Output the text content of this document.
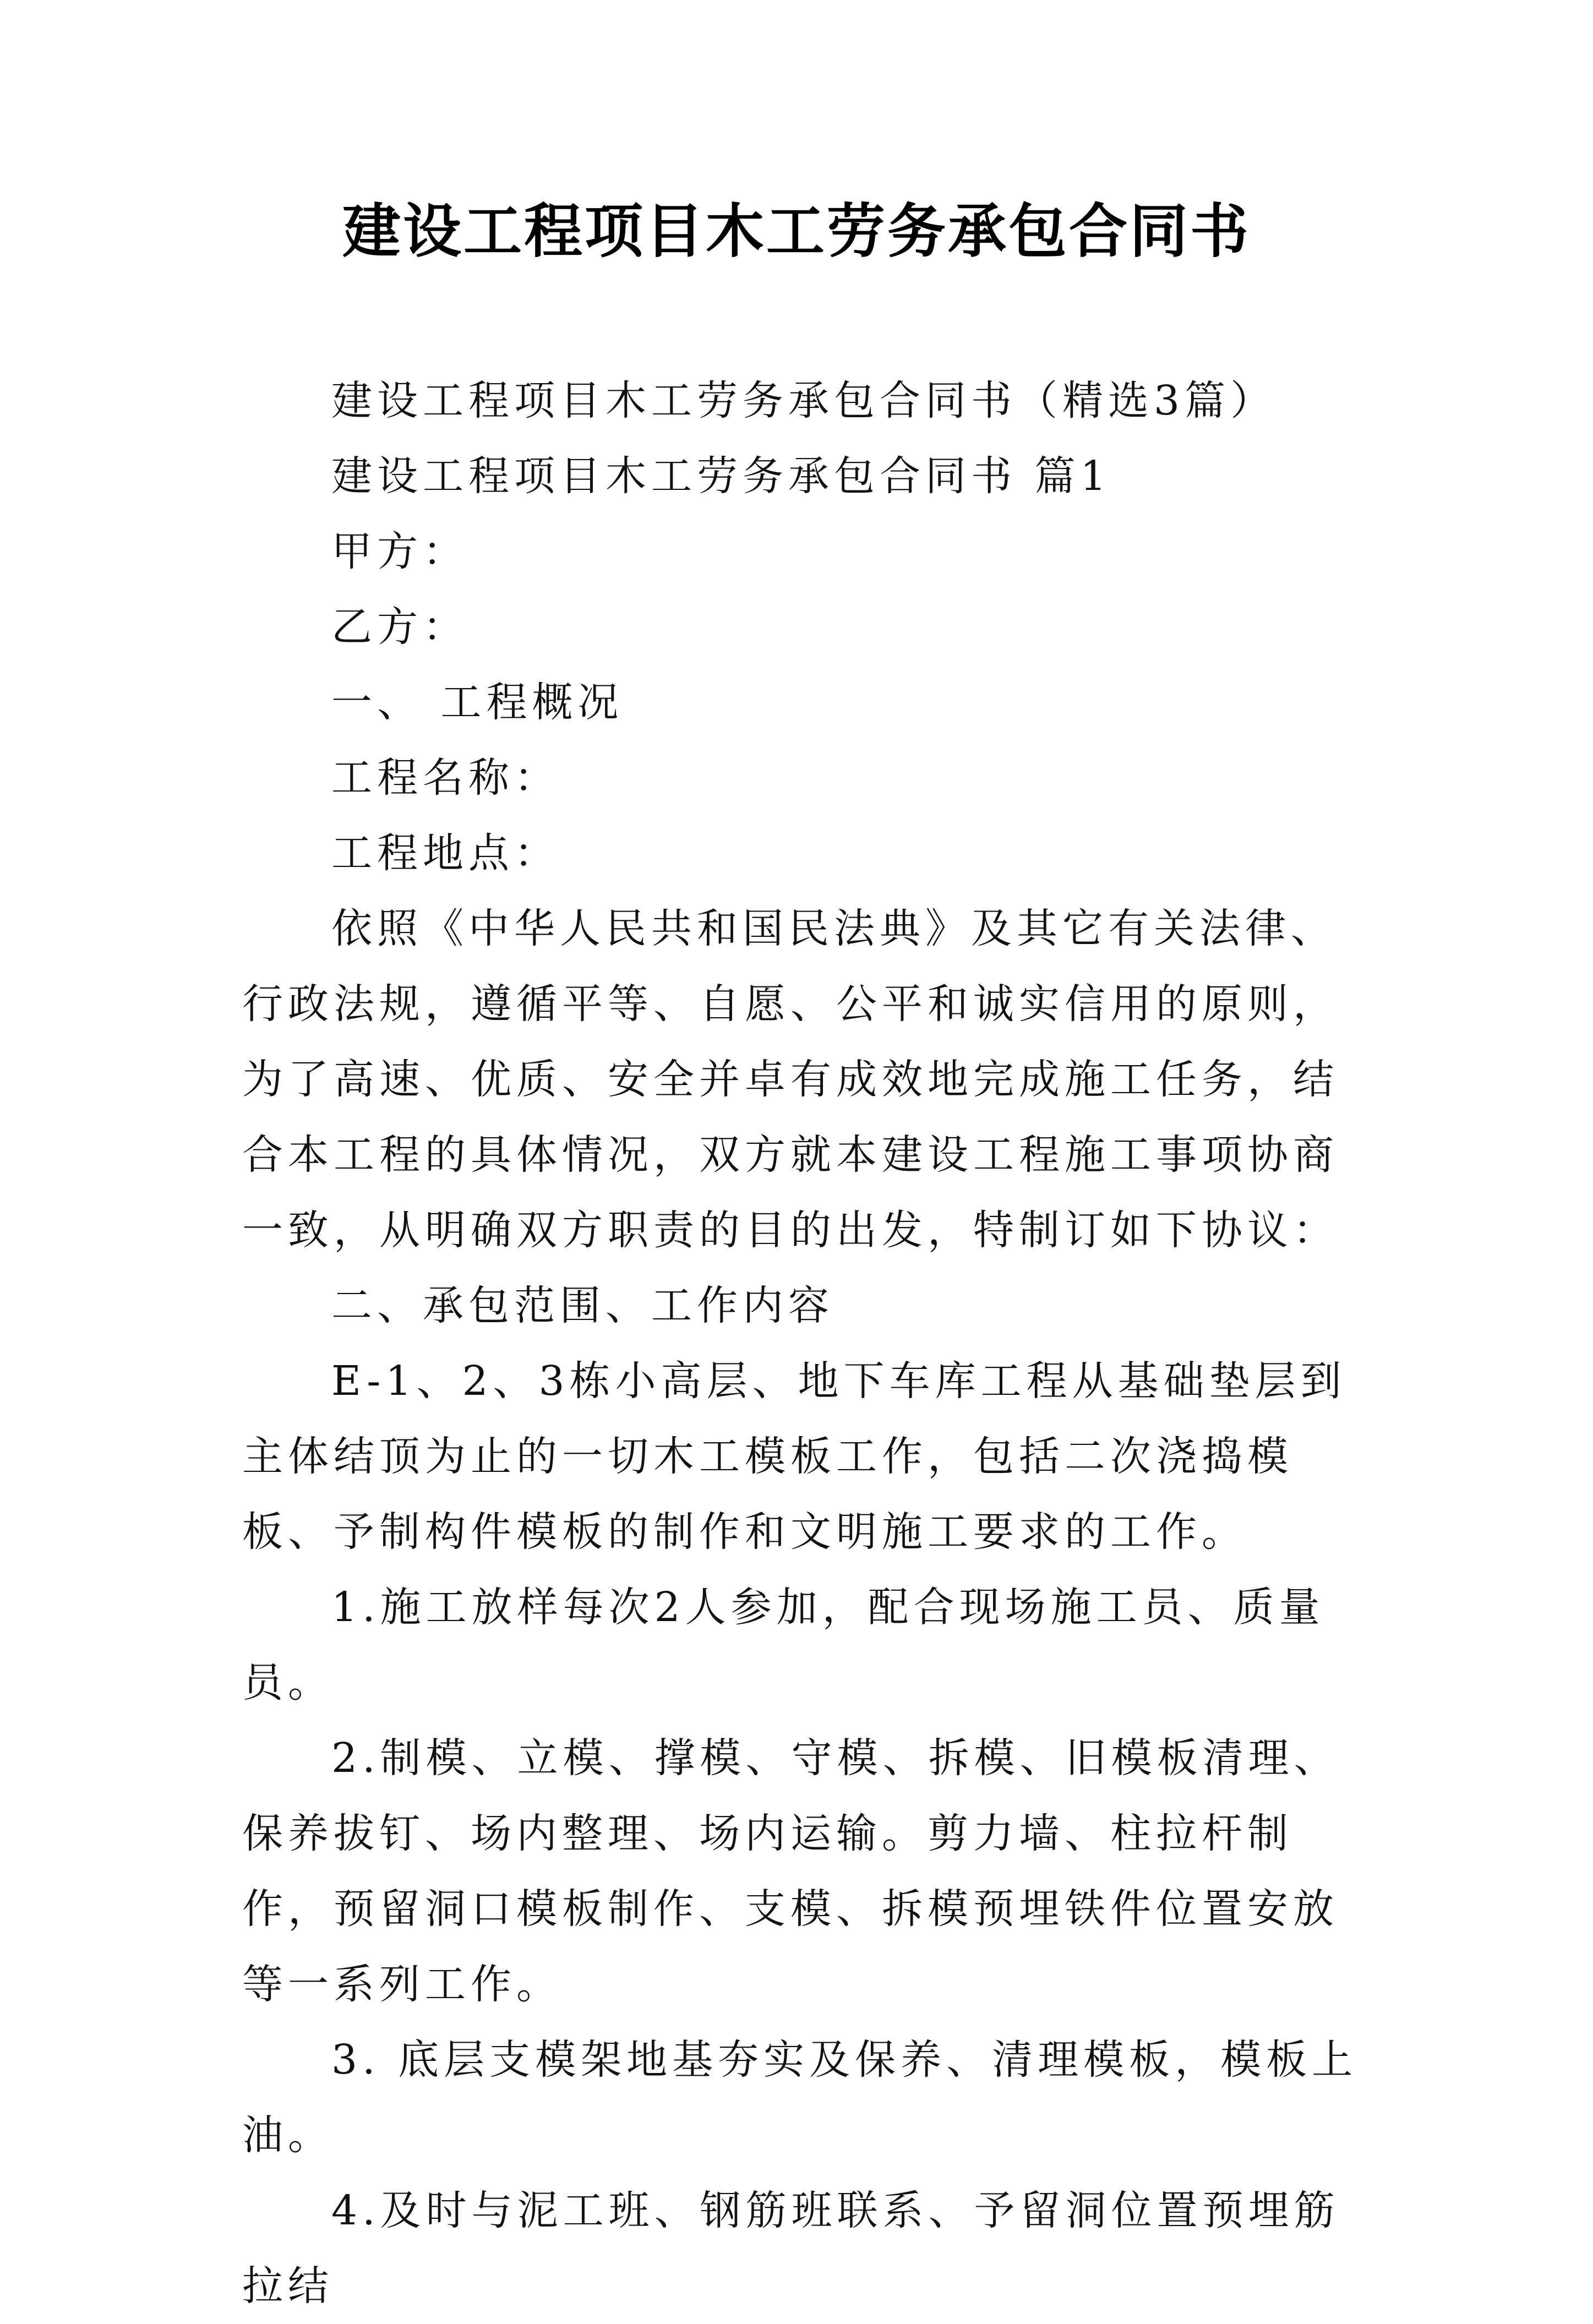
建设工程项目木工劳务承包合同书

建设工程项目木工劳务承包合同书（精选3篇）

建设工程项目木工劳务承包合同书 篇1

甲方：

乙方：

一、 工程概况

工程名称：

工程地点：

依照《中华人民共和国民法典》及其它有关法律、行政法规，遵循平等、自愿、公平和诚实信用的原则，为了高速、优质、安全并卓有成效地完成施工任务，结合本工程的具体情况，双方就本建设工程施工事项协商一致，从明确双方职责的目的出发，特制订如下协议：

二、承包范围、工作内容

E-1、2、3栋小高层、地下车库工程从基础垫层到主体结顶为止的一切木工模板工作，包括二次浇捣模板、予制构件模板的制作和文明施工要求的工作。

1.施工放样每次2人参加，配合现场施工员、质量员。

2.制模、立模、撑模、守模、拆模、旧模板清理、保养拔钉、场内整理、场内运输。剪力墙、柱拉杆制作，预留洞口模板制作、支模、拆模预埋铁件位置安放等一系列工作。

3. 底层支模架地基夯实及保养、清理模板，模板上油。

4.及时与泥工班、钢筋班联系、予留洞位置预埋筋拉结
